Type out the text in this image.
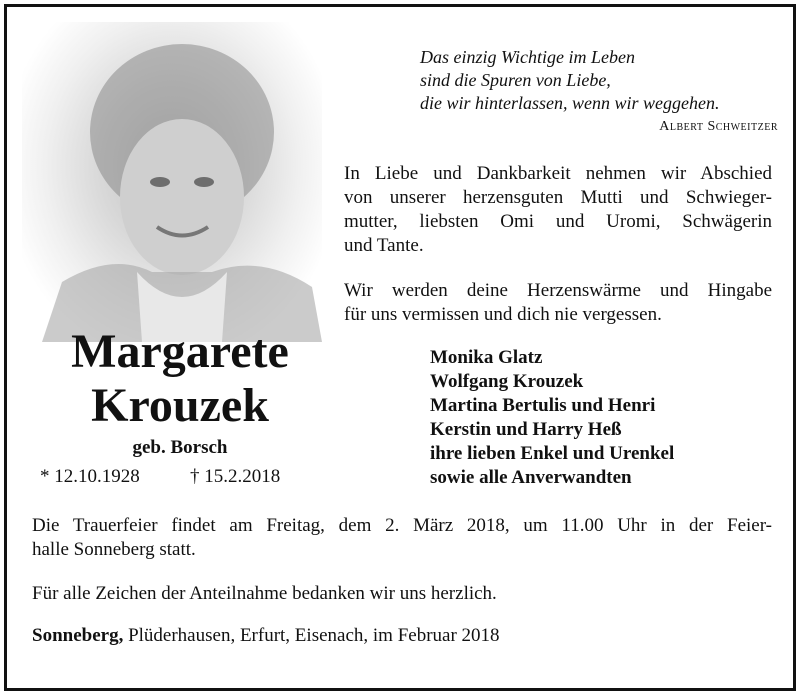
Das einzig Wichtige im Leben
sind die Spuren von Liebe,
die wir hinterlassen, wenn wir weggehen.
Albert Schweitzer
In Liebe und Dankbarkeit nehmen wir Abschied
von unserer herzensguten Mutti und Schwieger-
mutter, liebsten Omi und Uromi, Schwägerin
und Tante.
Wir werden deine Herzenswärme und Hingabe
für uns vermissen und dich nie vergessen.
Monika Glatz
Wolfgang Krouzek
Martina Bertulis und Henri
Kerstin und Harry Heß
ihre lieben Enkel und Urenkel
sowie alle Anverwandten
Margarete
Krouzek
geb. Borsch
* 12.10.1928	† 15.2.2018
Die Trauerfeier findet am Freitag, dem 2. März 2018, um 11.00 Uhr in der Feier-
halle Sonneberg statt.
Für alle Zeichen der Anteilnahme bedanken wir uns herzlich.
Sonneberg, Plüderhausen, Erfurt, Eisenach, im Februar 2018
